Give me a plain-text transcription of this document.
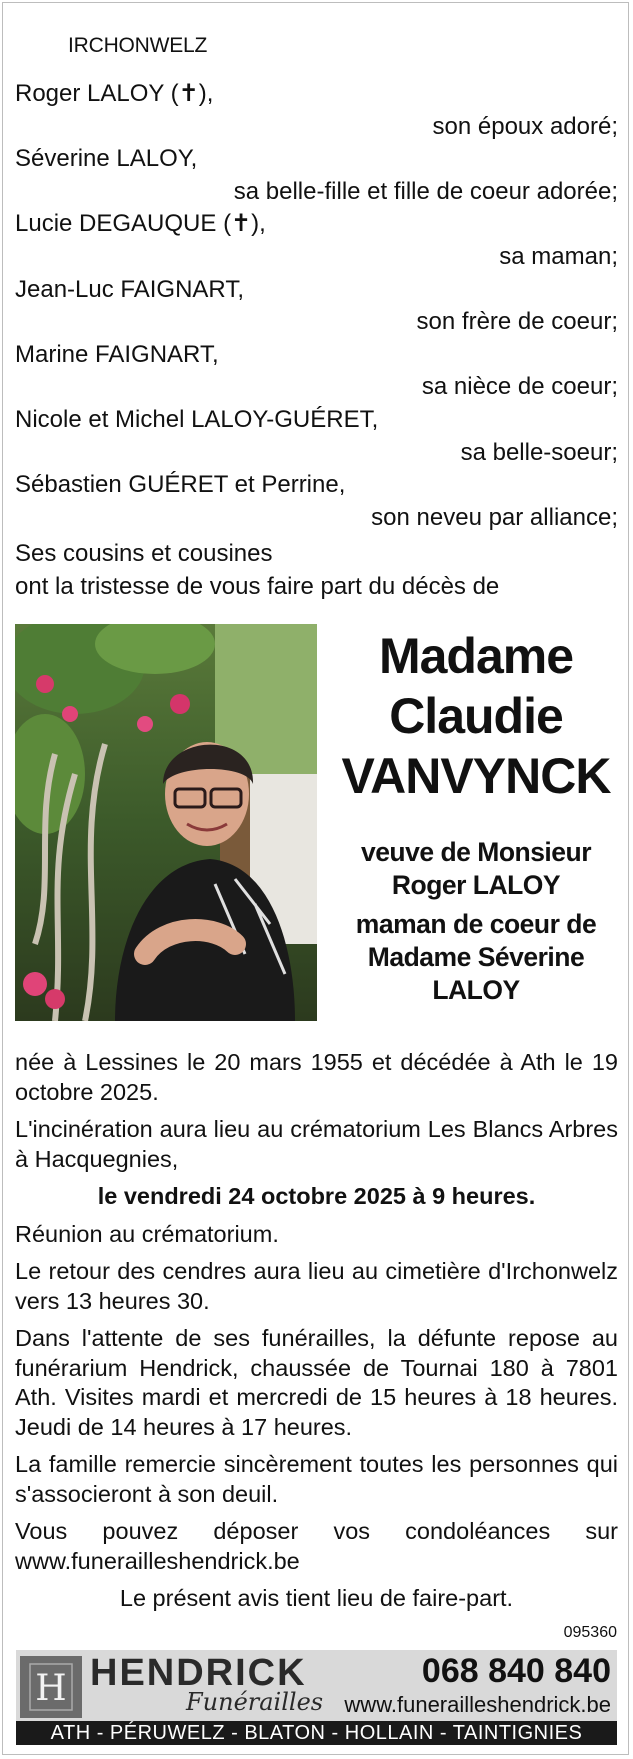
IRCHONWELZ
Roger LALOY (✝),
son époux adoré;
Séverine LALOY,
sa belle-fille et fille de coeur adorée;
Lucie DEGAUQUE (✝),
sa maman;
Jean-Luc FAIGNART,
son frère de coeur;
Marine FAIGNART,
sa nièce de coeur;
Nicole et Michel LALOY-GUÉRET,
sa belle-soeur;
Sébastien GUÉRET et Perrine,
son neveu par alliance;
Ses cousins et cousines
ont la tristesse de vous faire part du décès de
Madame
Claudie
VANVYNCK
veuve de Monsieur
Roger LALOY
maman de coeur de
Madame Séverine
LALOY

née à Lessines le 20 mars 1955 et décédée à Ath le 19 octobre 2025.

L'incinération aura lieu au crématorium Les Blancs Arbres à Hacquegnies,

le vendredi 24 octobre 2025 à 9 heures.

Réunion au crématorium.

Le retour des cendres aura lieu au cimetière d'Irchonwelz vers 13 heures 30.

Dans l'attente de ses funérailles, la défunte repose au funérarium Hendrick, chaussée de Tournai 180 à 7801 Ath. Visites mardi et mercredi de 15 heures à 18 heures. Jeudi de 14 heures à 17 heures.

La famille remercie sincèrement toutes les personnes qui s'associeront à son deuil.

Vous pouvez déposer vos condoléances sur www.funerailleshendrick.be

Le présent avis tient lieu de faire-part.

095360
H HENDRICK
Funérailles
068 840 840
www.funerailleshendrick.be
ATH - PÉRUWELZ - BLATON - HOLLAIN - TAINTIGNIES
